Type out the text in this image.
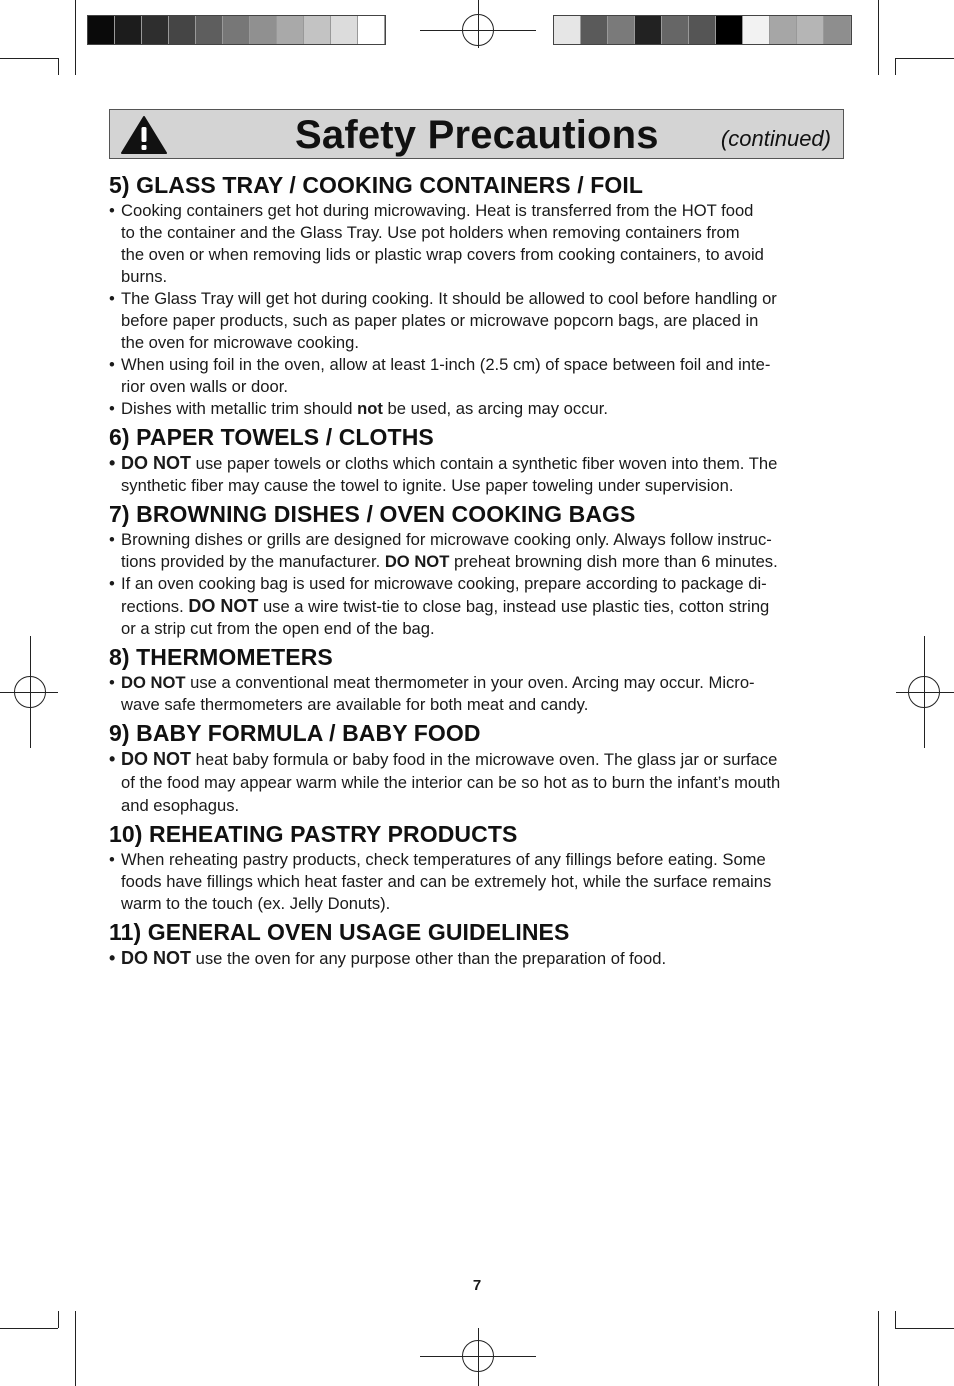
Safety Precautions	(continued)
5) GLASS TRAY / COOKING CONTAINERS / FOIL

• Cooking containers get hot during microwaving. Heat is transferred from the HOT food
to the container and the Glass Tray. Use pot holders when removing containers from
the oven or when removing lids or plastic wrap covers from cooking containers, to avoid
burns.

• The Glass Tray will get hot during cooking. It should be allowed to cool before handling or
before paper products, such as paper plates or microwave popcorn bags, are placed in
the oven for microwave cooking.

• When using foil in the oven, allow at least 1-inch (2.5 cm) of space between foil and inte-
rior oven walls or door.

• Dishes with metallic trim should not be used, as arcing may occur.

6) PAPER TOWELS / CLOTHS

• DO NOT use paper towels or cloths which contain a synthetic fiber woven into them. The
synthetic fiber may cause the towel to ignite. Use paper toweling under supervision.

7) BROWNING DISHES / OVEN COOKING BAGS

• Browning dishes or grills are designed for microwave cooking only. Always follow instruc-
tions provided by the manufacturer. DO NOT preheat browning dish more than 6 minutes.

• If an oven cooking bag is used for microwave cooking, prepare according to package di-
rections. DO NOT use a wire twist-tie to close bag, instead use plastic ties, cotton string
or a strip cut from the open end of the bag.

8) THERMOMETERS

• DO NOT use a conventional meat thermometer in your oven. Arcing may occur. Micro-
wave safe thermometers are available for both meat and candy.

9) BABY FORMULA / BABY FOOD

• DO NOT heat baby formula or baby food in the microwave oven. The glass jar or surface
of the food may appear warm while the interior can be so hot as to burn the infant’s mouth
and esophagus.

10) REHEATING PASTRY PRODUCTS

• When reheating pastry products, check temperatures of any fillings before eating. Some
foods have fillings which heat faster and can be extremely hot, while the surface remains
warm to the touch (ex. Jelly Donuts).

11) GENERAL OVEN USAGE GUIDELINES

• DO NOT use the oven for any purpose other than the preparation of food.

7
